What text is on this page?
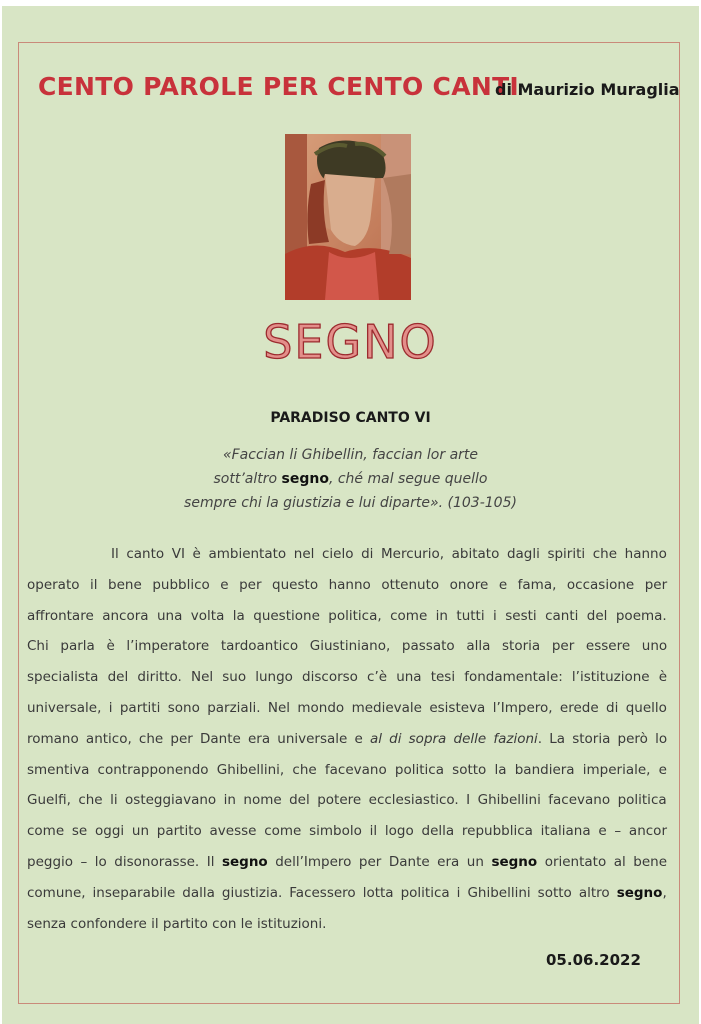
CENTO PAROLE PER CENTO CANTI
di Maurizio Muraglia
SEGNO
PARADISO CANTO VI
«Faccian li Ghibellin, faccian lor arte
sott’altro segno, ché mal segue quello
sempre chi la giustizia e lui diparte». (103-105)
Il canto VI è ambientato nel cielo di Mercurio, abitato dagli spiriti che hanno
operato il bene pubblico e per questo hanno ottenuto onore e fama, occasione per
affrontare ancora una volta la questione politica, come in tutti i sesti canti del poema.
Chi parla è l’imperatore tardoantico Giustiniano, passato alla storia per essere uno
specialista del diritto. Nel suo lungo discorso c’è una tesi fondamentale: l’istituzione è
universale, i partiti sono parziali. Nel mondo medievale esisteva l’Impero, erede di quello
romano antico, che per Dante era universale e al di sopra delle fazioni. La storia però lo
smentiva contrapponendo Ghibellini, che facevano politica sotto la bandiera imperiale, e
Guelfi, che li osteggiavano in nome del potere ecclesiastico. I Ghibellini facevano politica
come se oggi un partito avesse come simbolo il logo della repubblica italiana e – ancor
peggio – lo disonorasse. Il segno dell’Impero per Dante era un segno orientato al bene
comune, inseparabile dalla giustizia. Facessero lotta politica i Ghibellini sotto altro segno,
senza confondere il partito con le istituzioni.
05.06.2022
